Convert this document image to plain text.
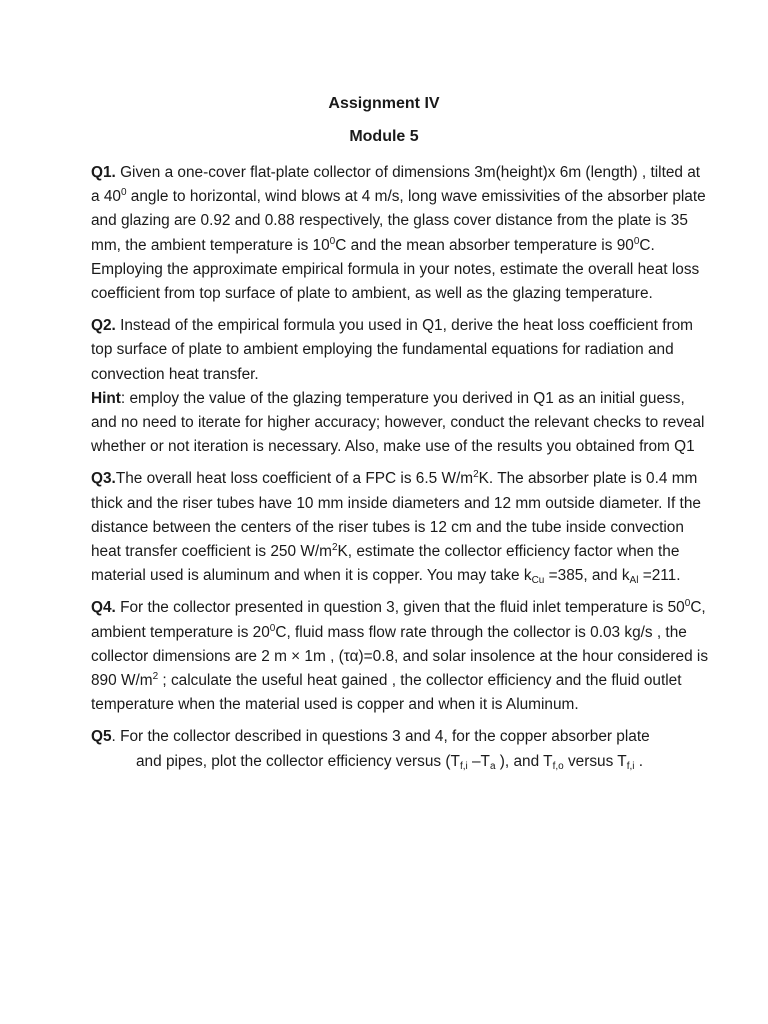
Assignment IV
Module 5

Q1. Given a one-cover flat-plate collector of dimensions 3m(height)x 6m (length) , tilted at a $40^0$ angle to horizontal, wind blows at 4 m/s, long wave emissivities of the absorber plate and glazing are 0.92 and 0.88 respectively, the glass cover distance from the plate is 35 mm, the ambient temperature is $10^0C$ and the mean absorber temperature is $90^0C$.

Employing the approximate empirical formula in your notes, estimate the overall heat loss coefficient from top surface of plate to ambient, as well as the glazing temperature.

Q2. Instead of the empirical formula you used in Q1, derive the heat loss coefficient from top surface of plate to ambient employing the fundamental equations for radiation and convection heat transfer.

Hint: employ the value of the glazing temperature you derived in Q1 as an initial guess, and no need to iterate for higher accuracy; however, conduct the relevant checks to reveal whether or not iteration is necessary. Also, make use of the results you obtained from Q1

Q3.The overall heat loss coefficient of a FPC is 6.5 $W/m^2K$. The absorber plate is 0.4 mm thick and the riser tubes have 10 mm inside diameters and 12 mm outside diameter. If the distance between the centers of the riser tubes is 12 cm and the tube inside convection heat transfer coefficient is 250 $W/m^2K$, estimate the collector efficiency factor when the material used is aluminum and when it is copper. You may take $k_{Cu} =385$, and $k_{Al} =211$.

Q4. For the collector presented in question 3, given that the fluid inlet temperature is $50^0C$, ambient temperature is $20^0C$, fluid mass flow rate through the collector is 0.03 kg/s , the collector dimensions are 2 m × 1m , (τα)=0.8, and solar insolence at the hour considered is 890 $W/m^2$ ; calculate the useful heat gained , the collector efficiency and the fluid outlet temperature when the material used is copper and when it is Aluminum.

Q5. For the collector described in questions 3 and 4, for the copper absorber plate

and pipes, plot the collector efficiency versus ($T_{f,i}$ $-T_a$ ), and $T_{f,o}$ versus $T_{f,i}$ .
